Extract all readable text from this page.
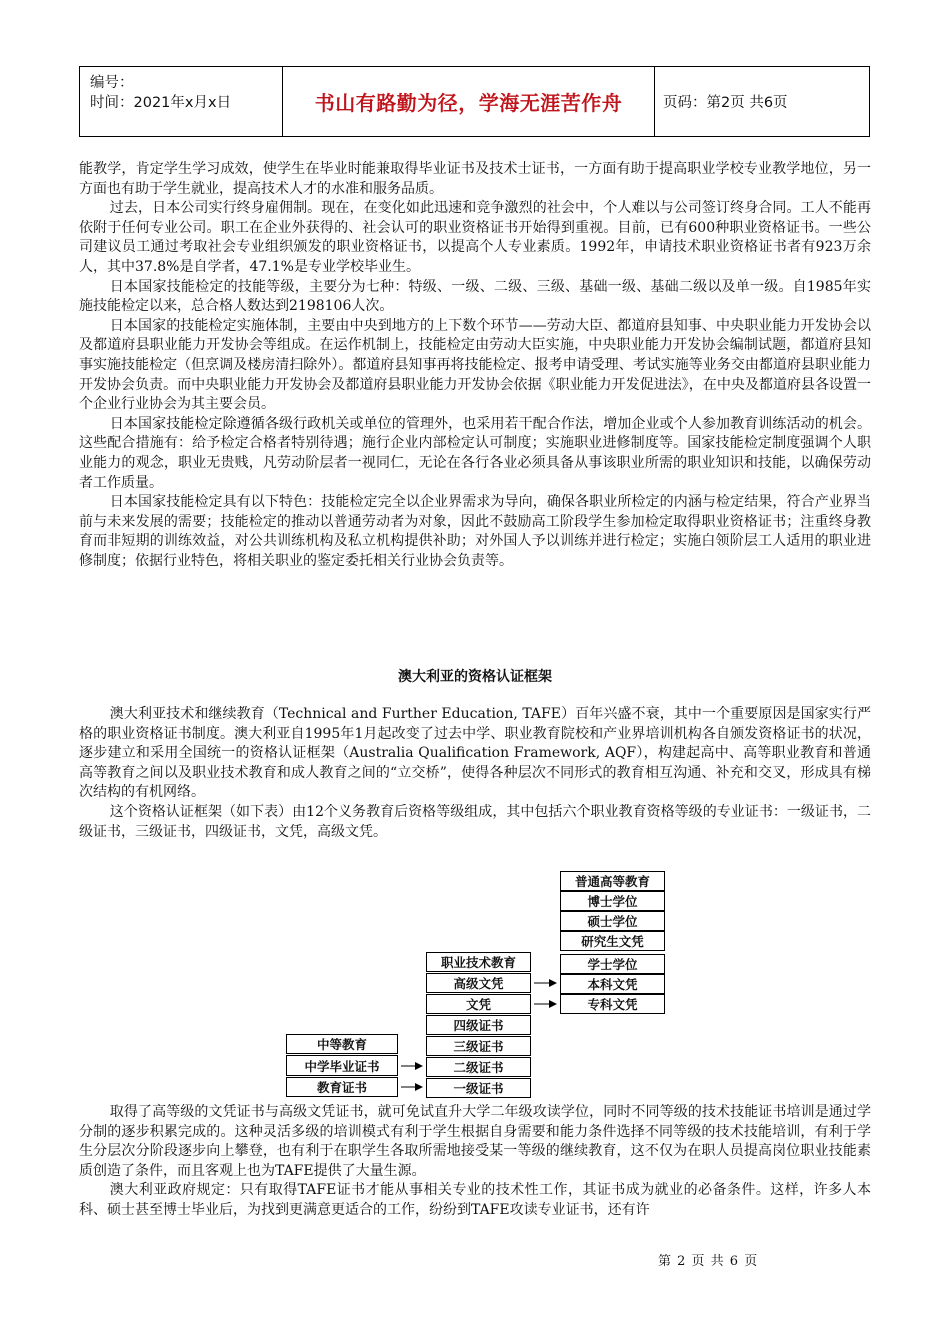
编号：
时间：2021年x月x日	书山有路勤为径，学海无涯苦作舟	页码：第2页 共6页

能教学，肯定学生学习成效，使学生在毕业时能兼取得毕业证书及技术士证书，一方面有助于提高职业学校专业教学地位，另一方面也有助于学生就业，提高技术人才的水准和服务品质。

过去，日本公司实行终身雇佣制。现在，在变化如此迅速和竞争激烈的社会中，个人难以与公司签订终身合同。工人不能再依附于任何专业公司。职工在企业外获得的、社会认可的职业资格证书开始得到重视。目前，已有600种职业资格证书。一些公司建议员工通过考取社会专业组织颁发的职业资格证书，以提高个人专业素质。1992年，申请技术职业资格证书者有923万余人，其中37.8%是自学者，47.1%是专业学校毕业生。

日本国家技能检定的技能等级，主要分为七种：特级、一级、二级、三级、基础一级、基础二级以及单一级。自1985年实施技能检定以来，总合格人数达到2198106人次。

日本国家的技能检定实施体制，主要由中央到地方的上下数个环节——劳动大臣、都道府县知事、中央职业能力开发协会以及都道府县职业能力开发协会等组成。在运作机制上，技能检定由劳动大臣实施，中央职业能力开发协会编制试题，都道府县知事实施技能检定（但烹调及楼房清扫除外）。都道府县知事再将技能检定、报考申请受理、考试实施等业务交由都道府县职业能力开发协会负责。而中央职业能力开发协会及都道府县职业能力开发协会依据《职业能力开发促进法》，在中央及都道府县各设置一个企业行业协会为其主要会员。

日本国家技能检定除遵循各级行政机关或单位的管理外，也采用若干配合作法，增加企业或个人参加教育训练活动的机会。这些配合措施有：给予检定合格者特别待遇；施行企业内部检定认可制度；实施职业进修制度等。国家技能检定制度强调个人职业能力的观念，职业无贵贱，凡劳动阶层者一视同仁，无论在各行各业必须具备从事该职业所需的职业知识和技能，以确保劳动者工作质量。

日本国家技能检定具有以下特色：技能检定完全以企业界需求为导向，确保各职业所检定的内涵与检定结果，符合产业界当前与未来发展的需要；技能检定的推动以普通劳动者为对象，因此不鼓励高工阶段学生参加检定取得职业资格证书；注重终身教育而非短期的训练效益，对公共训练机构及私立机构提供补助；对外国人予以训练并进行检定；实施白领阶层工人适用的职业进修制度；依据行业特色，将相关职业的鉴定委托相关行业协会负责等。

澳大利亚的资格认证框架

澳大利亚技术和继续教育（Technical and Further Education, TAFE）百年兴盛不衰，其中一个重要原因是国家实行严格的职业资格证书制度。澳大利亚自1995年1月起改变了过去中学、职业教育院校和产业界培训机构各自颁发资格证书的状况，逐步建立和采用全国统一的资格认证框架（Australia Qualification Framework, AQF），构建起高中、高等职业教育和普通高等教育之间以及职业技术教育和成人教育之间的“立交桥”，使得各种层次不同形式的教育相互沟通、补充和交叉，形成具有梯次结构的有机网络。

这个资格认证框架（如下表）由12个义务教育后资格等级组成，其中包括六个职业教育资格等级的专业证书：一级证书，二级证书，三级证书，四级证书，文凭，高级文凭。

中等教育
中学毕业证书
教育证书
职业技术教育
高级文凭
文凭
四级证书
三级证书
二级证书
一级证书
普通高等教育
博士学位
硕士学位
研究生文凭
学士学位
本科文凭
专科文凭

取得了高等级的文凭证书与高级文凭证书，就可免试直升大学二年级攻读学位，同时不同等级的技术技能证书培训是通过学分制的逐步积累完成的。这种灵活多级的培训模式有利于学生根据自身需要和能力条件选择不同等级的技术技能培训，有利于学生分层次分阶段逐步向上攀登，也有利于在职学生各取所需地接受某一等级的继续教育，这不仅为在职人员提高岗位职业技能素质创造了条件，而且客观上也为TAFE提供了大量生源。

澳大利亚政府规定：只有取得TAFE证书才能从事相关专业的技术性工作，其证书成为就业的必备条件。这样，许多人本科、硕士甚至博士毕业后，为找到更满意更适合的工作，纷纷到TAFE攻读专业证书，还有许

第 2 页 共 6 页
